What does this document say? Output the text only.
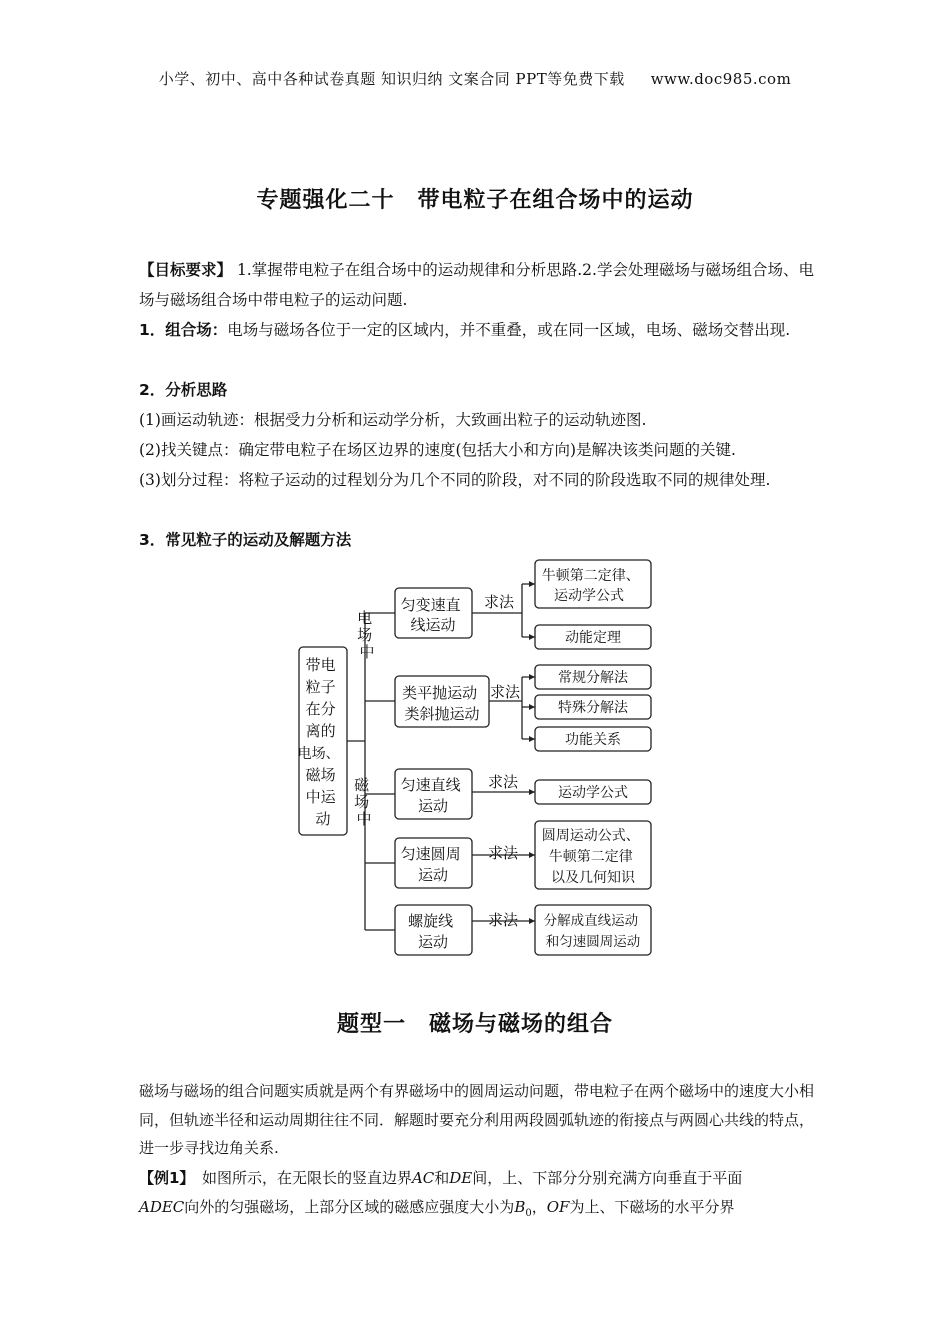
小学、初中、高中各种试卷真题 知识归纳 文案合同 PPT等免费下载 www.doc985.com
专题强化二十　带电粒子在组合场中的运动
【目标要求】 1.掌握带电粒子在组合场中的运动规律和分析思路.2.学会处理磁场与磁场组合场、电场与磁场组合场中带电粒子的运动问题.
1．组合场：电场与磁场各位于一定的区域内，并不重叠，或在同一区域，电场、磁场交替出现.
2．分析思路
(1)画运动轨迹：根据受力分析和运动学分析，大致画出粒子的运动轨迹图.
(2)找关键点：确定带电粒子在场区边界的速度(包括大小和方向)是解决该类问题的关键.
(3)划分过程：将粒子运动的过程划分为几个不同的阶段，对不同的阶段选取不同的规律处理.
3．常见粒子的运动及解题方法
带电 粒子 在分 离的 电场、 磁场 中运 动
电 场 中
磁 场 中
匀变速直 线运动
类平抛运动 类斜抛运动
匀速直线 运动
匀速圆周 运动
螺旋线 运动
求法
求法
求法
求法
求法
牛顿第二定律、 运动学公式
动能定理
常规分解法
特殊分解法
功能关系
运动学公式
圆周运动公式、 牛顿第二定律 以及几何知识
分解成直线运动 和匀速圆周运动
题型一　磁场与磁场的组合
磁场与磁场的组合问题实质就是两个有界磁场中的圆周运动问题，带电粒子在两个磁场中的速度大小相同，但轨迹半径和运动周期往往不同．解题时要充分利用两段圆弧轨迹的衔接点与两圆心共线的特点，进一步寻找边角关系.
【例1】　如图所示，在无限长的竖直边界AC和DE间，上、下部分分别充满方向垂直于平面
ADEC向外的匀强磁场，上部分区域的磁感应强度大小为$B_0$，OF为上、下磁场的水平分界
